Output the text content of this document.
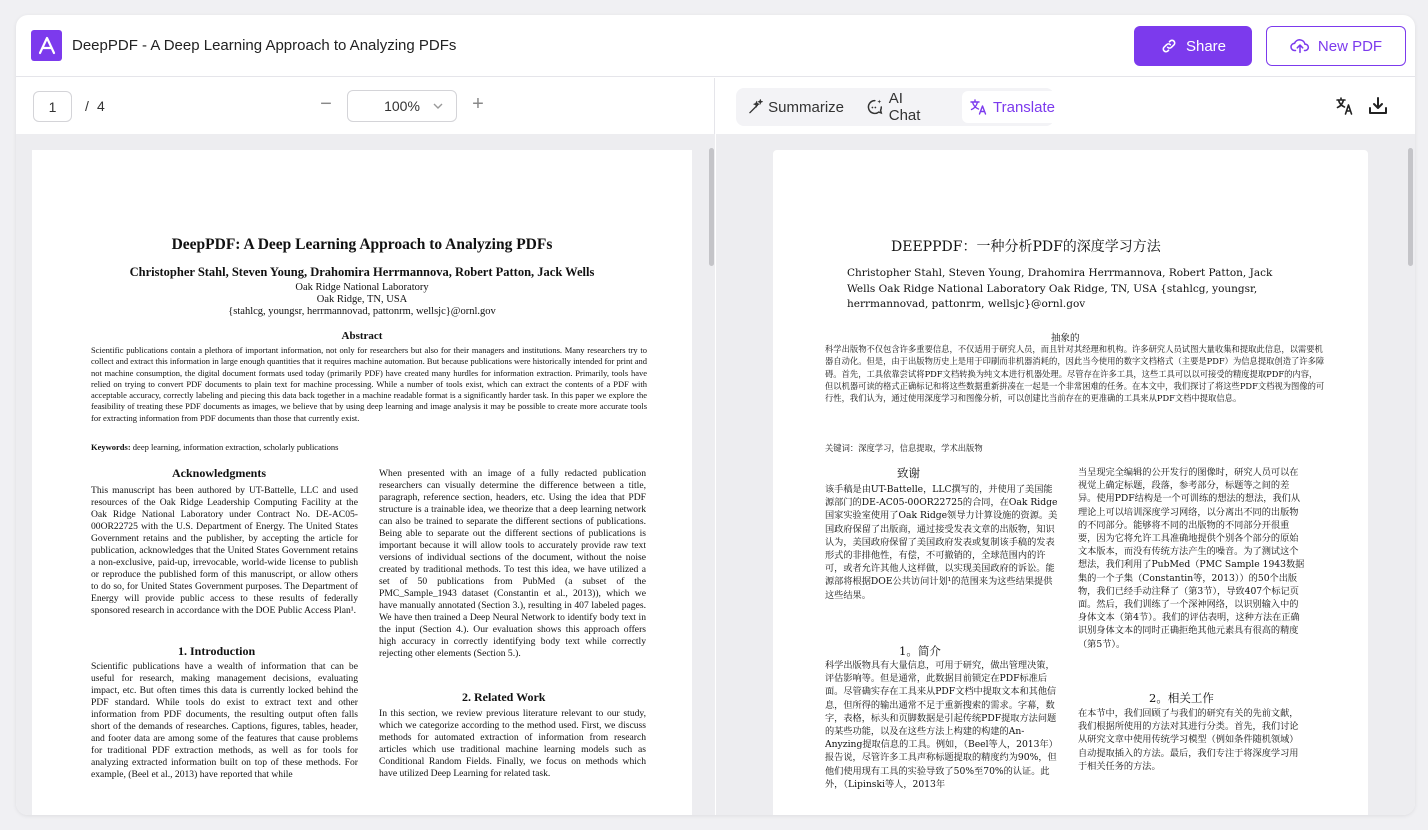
DeepPDF - A Deep Learning Approach to Analyzing PDFs	Share	New PDF
1	/ 4	−	100%	+
DeepPDF: A Deep Learning Approach to Analyzing PDFs
Christopher Stahl, Steven Young, Drahomira Herrmannova, Robert Patton, Jack Wells
Oak Ridge National Laboratory
Oak Ridge, TN, USA
{stahlcg, youngsr, herrmannovad, pattonrm, wellsjc}@ornl.gov
Abstract
Scientific publications contain a plethora of important information, not only for researchers but also for their managers and institutions. Many researchers try to collect and extract this information in large enough quantities that it requires machine automation. But because publications were historically intended for print and not machine consumption, the digital document formats used today (primarily PDF) have created many hurdles for information extraction. Primarily, tools have relied on trying to convert PDF documents to plain text for machine processing. While a number of tools exist, which can extract the contents of a PDF with acceptable accuracy, correctly labeling and piecing this data back together in a machine readable format is a significantly harder task. In this paper we explore the feasibility of treating these PDF documents as images, we believe that by using deep learning and image analysis it may be possible to create more accurate tools for extracting information from PDF documents than those that currently exist.
Keywords: deep learning, information extraction, scholarly publications
Acknowledgments
This manuscript has been authored by UT-Battelle, LLC and used resources of the Oak Ridge Leadership Computing Facility at the Oak Ridge National Laboratory under Contract No. DE-AC05-00OR22725 with the U.S. Department of Energy. The United States Government retains and the publisher, by accepting the article for publication, acknowledges that the United States Government retains a non-exclusive, paid-up, irrevocable, world-wide license to publish or reproduce the published form of this manuscript, or allow others to do so, for United States Government purposes. The Department of Energy will provide public access to these results of federally sponsored research in accordance with the DOE Public Access Plan¹.
1. Introduction
Scientific publications have a wealth of information that can be useful for research, making management decisions, evaluating impact, etc. But often times this data is currently locked behind the PDF standard. While tools do exist to extract text and other information from PDF documents, the resulting output often falls short of the demands of researches. Captions, figures, tables, header, and footer data are among some of the features that cause problems for traditional PDF extraction methods, as well as for tools for analyzing extracted information built on top of these methods. For example, (Beel et al., 2013) have reported that while
When presented with an image of a fully redacted publication researchers can visually determine the difference between a title, paragraph, reference section, headers, etc. Using the idea that PDF structure is a trainable idea, we theorize that a deep learning network can also be trained to separate the different sections of publications. Being able to separate out the different sections of publications is important because it will allow tools to accurately provide raw text versions of individual sections of the document, without the noise created by traditional methods. To test this idea, we have utilized a set of 50 publications from PubMed (a subset of the PMC_Sample_1943 dataset (Constantin et al., 2013)), which we have manually annotated (Section 3.), resulting in 407 labeled pages. We have then trained a Deep Neural Network to identify body text in the input (Section 4.). Our evaluation shows this approach offers high accuracy in correctly identifying body text while correctly rejecting other elements (Section 5.).
2. Related Work
In this section, we review previous literature relevant to our study, which we categorize according to the method used. First, we discuss methods for automated extraction of information from research articles which use traditional machine learning models such as Conditional Random Fields. Finally, we focus on methods which have utilized Deep Learning for related task.
Summarize	AI Chat	Translate
DEEPPDF：一种分析PDF的深度学习方法
Christopher Stahl, Steven Young, Drahomira Herrmannova, Robert Patton, Jack Wells Oak Ridge National Laboratory Oak Ridge, TN, USA {stahlcg, youngsr, herrmannovad, pattonrm, wellsjc}@ornl.gov
抽象的
科学出版物不仅包含许多重要信息，不仅适用于研究人员，而且针对其经理和机构。许多研究人员试图大量收集和提取此信息，以需要机器自动化。但是，由于出版物历史上是用于印刷而非机器消耗的，因此当今使用的数字文档格式（主要是PDF）为信息提取创造了许多障碍。首先，工具依靠尝试将PDF文档转换为纯文本进行机器处理。尽管存在许多工具，这些工具可以以可接受的精度提取PDF的内容，但以机器可读的格式正确标记和将这些数据重新拼凑在一起是一个非常困难的任务。在本文中，我们探讨了将这些PDF文档视为图像的可行性，我们认为，通过使用深度学习和图像分析，可以创建比当前存在的更准确的工具来从PDF文档中提取信息。
关键词：深度学习，信息提取，学术出版物
致谢
该手稿是由UT-Battelle，LLC撰写的，并使用了美国能源部门的DE-AC05-00OR22725的合同，在Oak Ridge国家实验室使用了Oak Ridge领导力计算设施的资源。美国政府保留了出版商，通过接受发表文章的出版物，知识认为，美国政府保留了美国政府发表或复制该手稿的发表形式的非排他性，有偿，不可撤销的，全球范围内的许可，或者允许其他人这样做，以实现美国政府的诉讼。能源部将根据DOE公共访问计划¹的范围来为这些结果提供这些结果。
1。简介
科学出版物具有大量信息，可用于研究，做出管理决策，评估影响等。但是通常，此数据目前锁定在PDF标准后面。尽管确实存在工具来从PDF文档中提取文本和其他信息，但所得的输出通常不足于重新搜索的需求。字幕，数字，表格，标头和页脚数据是引起传统PDF提取方法问题的某些功能，以及在这些方法上构建的构建的An-Anyzing提取信息的工具。例如，（Beel等人，2013年）报告说，尽管许多工具声称标题提取的精度约为90%，但他们使用现有工具的实验导致了50%至70%的认证。此外，（Lipinski等人，2013年
当呈现完全编辑的公开发行的图像时，研究人员可以在视觉上确定标题，段落，参考部分，标题等之间的差异。使用PDF结构是一个可训练的想法的想法，我们从理论上可以培训深度学习网络，以分离出不同的出版物的不同部分。能够将不同的出版物的不同部分开很重要，因为它将允许工具准确地提供个别各个部分的原始文本版本，而没有传统方法产生的噪音。为了测试这个想法，我们利用了PubMed（PMC Sample 1943数据集的一个子集（Constantin等，2013））的50个出版物，我们已经手动注释了（第3节），导致407个标记页面。然后，我们训练了一个深神网络，以识别输入中的身体文本（第4节）。我们的评估表明，这种方法在正确识别身体文本的同时正确拒绝其他元素具有很高的精度（第5节）。
2。相关工作
在本节中，我们回顾了与我们的研究有关的先前文献，我们根据所使用的方法对其进行分类。首先，我们讨论从研究文章中使用传统学习模型（例如条件随机领域）自动提取插入的方法。最后，我们专注于将深度学习用于相关任务的方法。
